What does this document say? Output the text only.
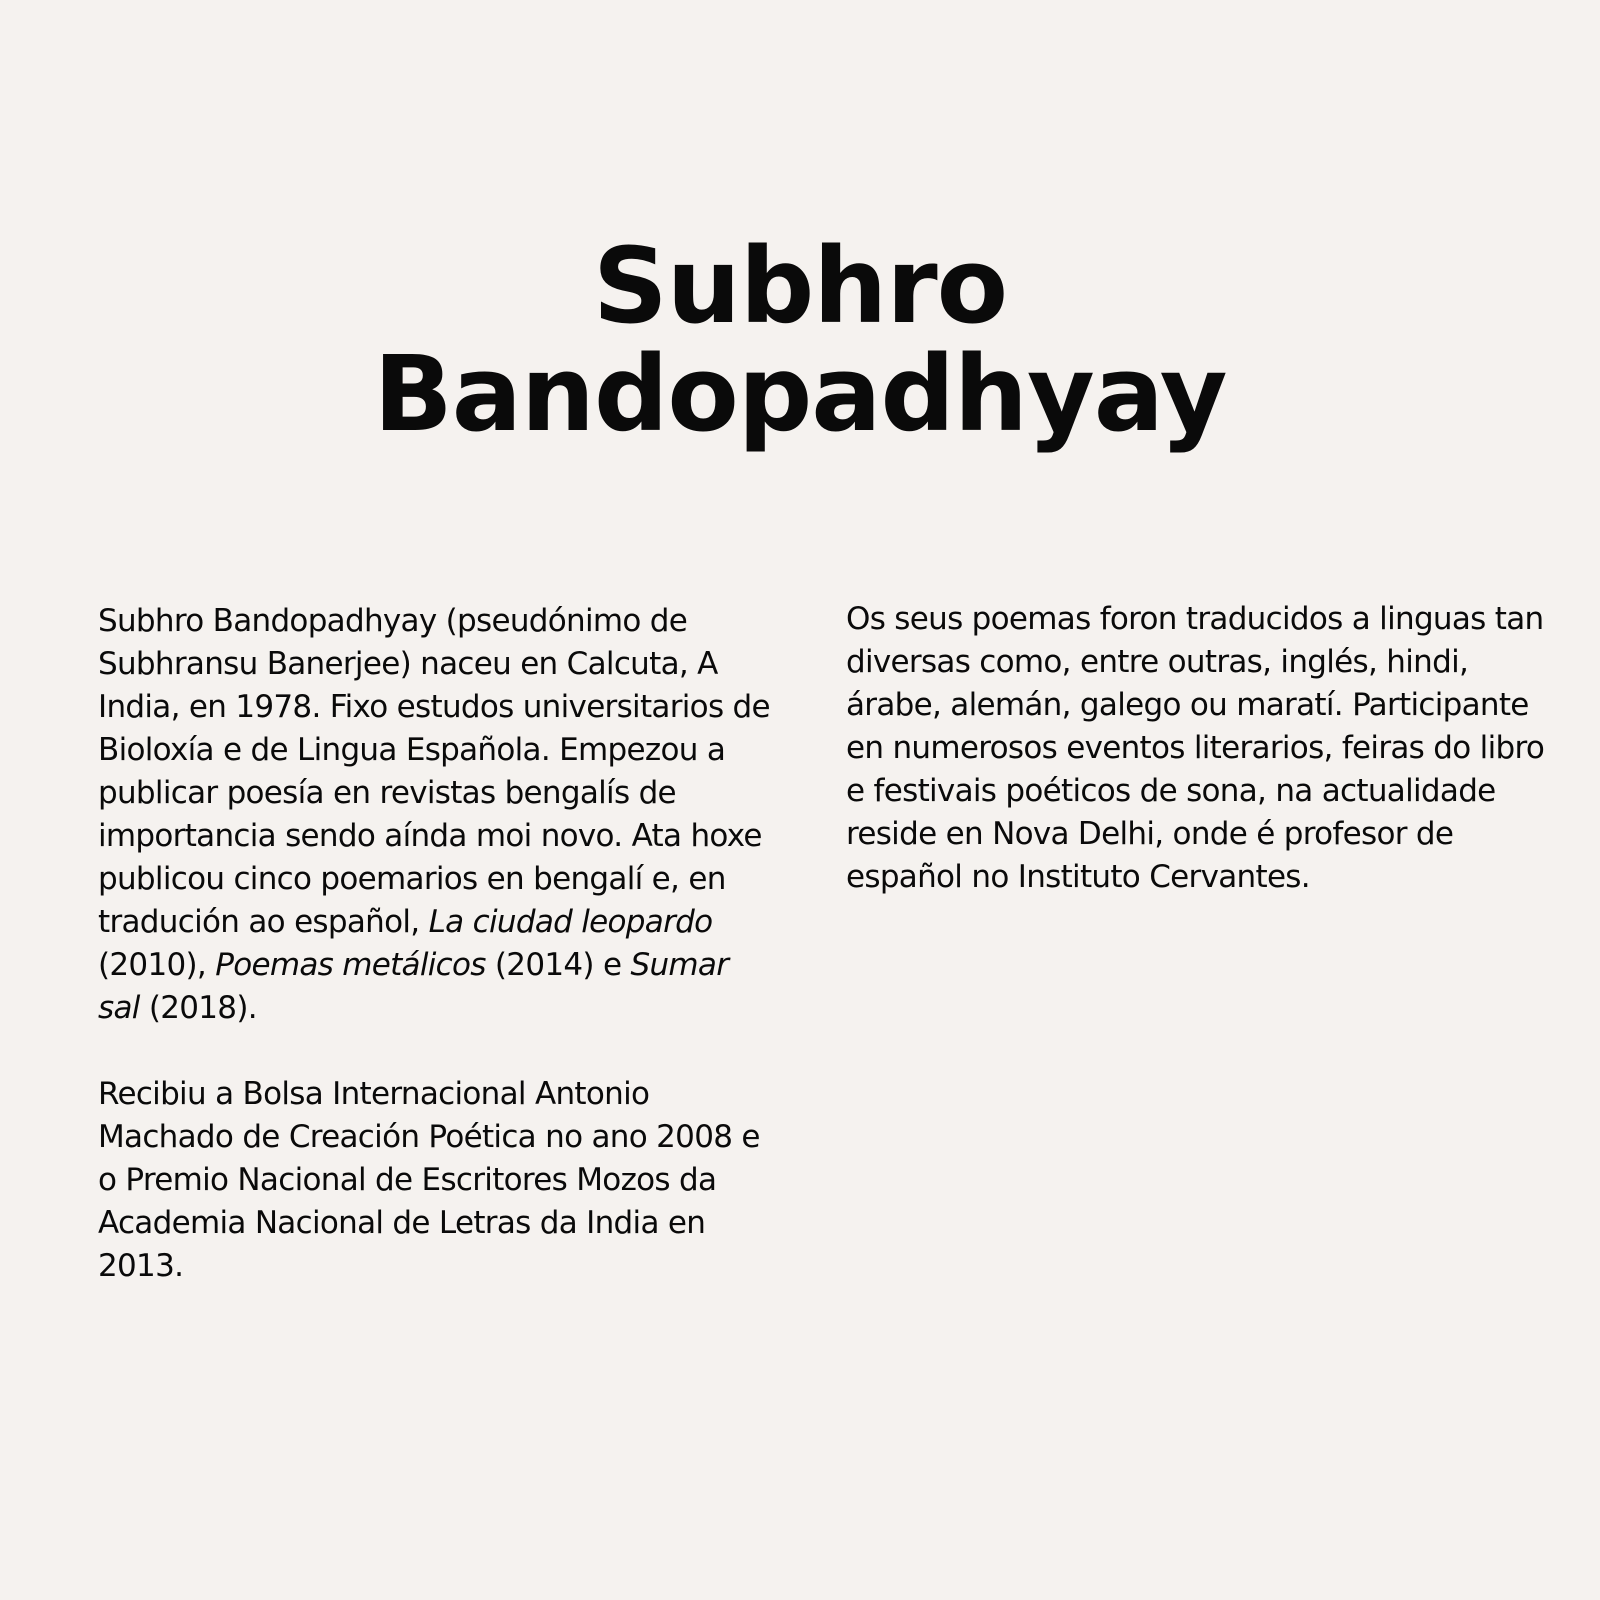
Subhro
Bandopadhyay

Subhro Bandopadhyay (pseudónimo de Subhransu Banerjee) naceu en Calcuta, A India, en 1978. Fixo estudos universitarios de Bioloxía e de Lingua Española. Empezou a publicar poesía en revistas bengalís de importancia sendo aínda moi novo. Ata hoxe publicou cinco poemarios en bengalí e, en tradución ao español, La ciudad leopardo (2010), Poemas metálicos (2014) e Sumar sal (2018).

Recibiu a Bolsa Internacional Antonio Machado de Creación Poética no ano 2008 e o Premio Nacional de Escritores Mozos da Academia Nacional de Letras da India en 2013.

Os seus poemas foron traducidos a linguas tan diversas como, entre outras, inglés, hindi, árabe, alemán, galego ou maratí. Participante en numerosos eventos literarios, feiras do libro e festivais poéticos de sona, na actualidade reside en Nova Delhi, onde é profesor de español no Instituto Cervantes.
